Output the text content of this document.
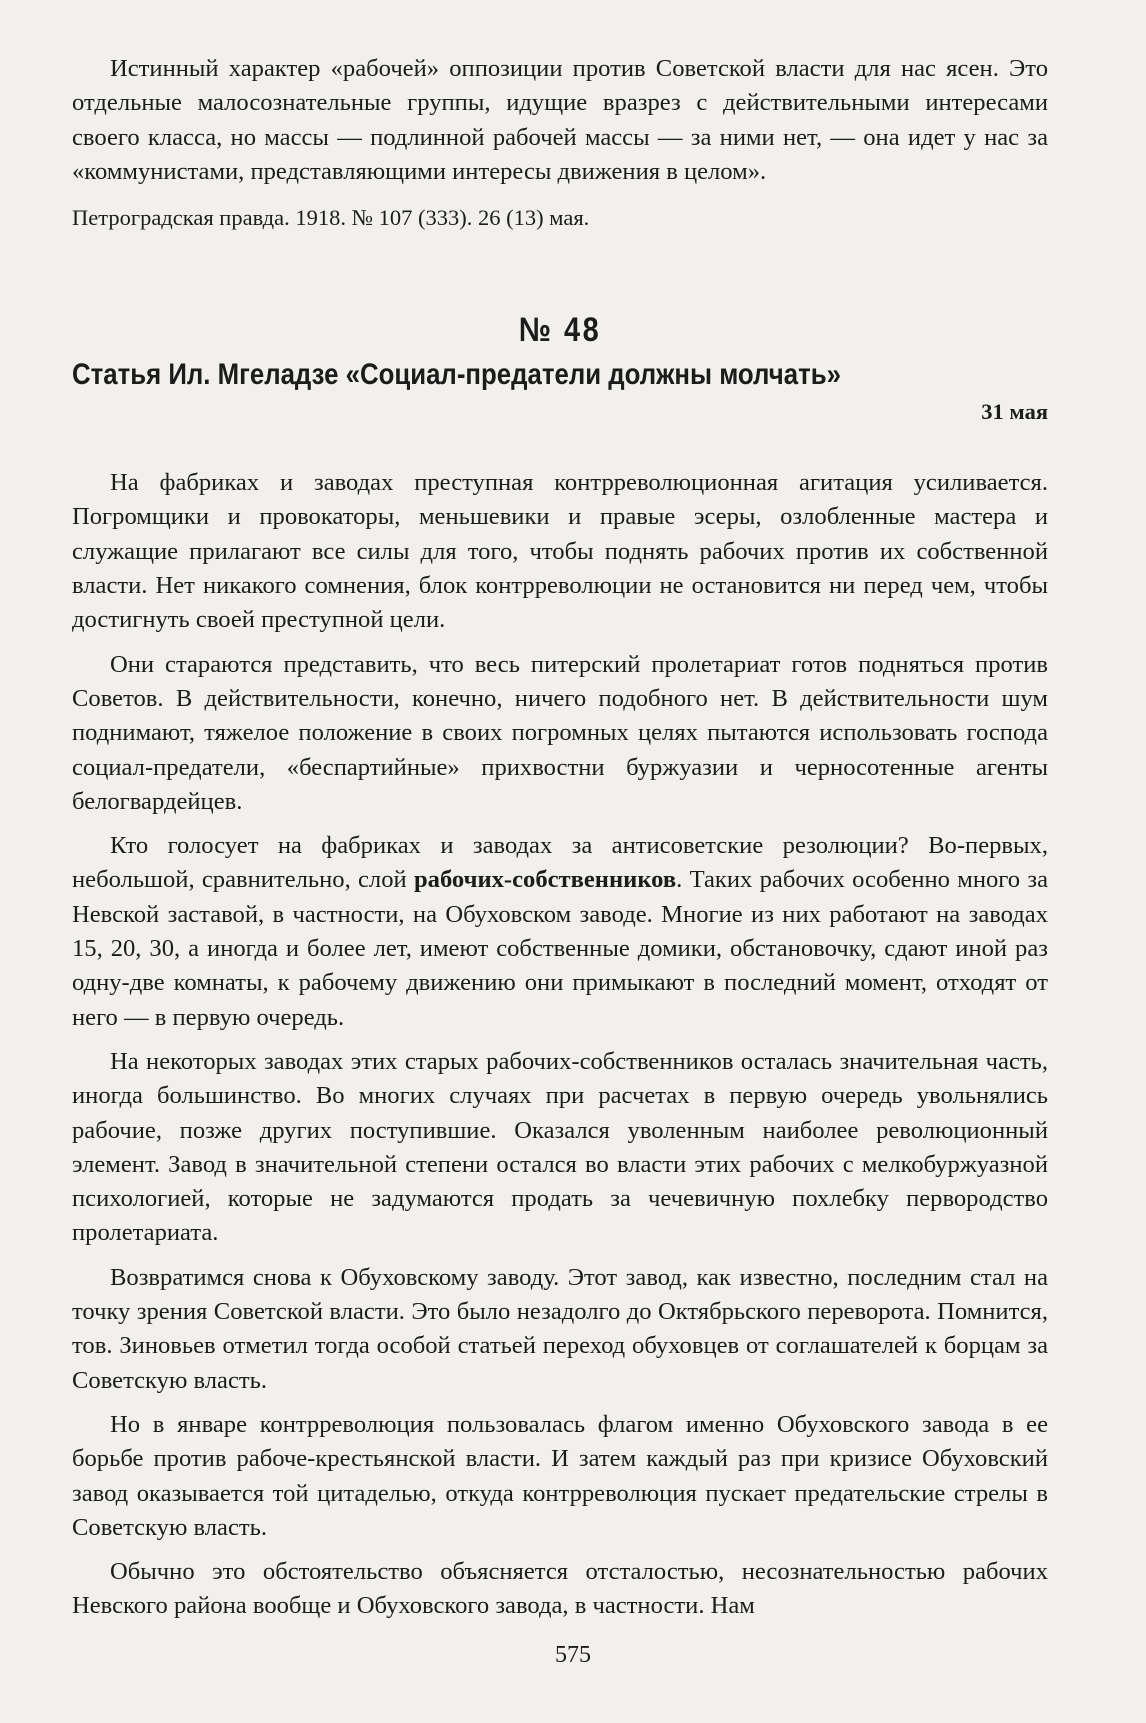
Истинный характер «рабочей» оппозиции против Советской власти для нас ясен. Это отдельные малосознательные группы, идущие вразрез с действительными интересами своего класса, но массы — подлинной рабочей массы — за ними нет, — она идет у нас за «коммунистами, представляющими интересы движения в целом».

Петроградская правда. 1918. № 107 (333). 26 (13) мая.

№ 48
Статья Ил. Мгеладзе «Социал-предатели должны молчать»

31 мая

На фабриках и заводах преступная контрреволюционная агитация усиливается. Погромщики и провокаторы, меньшевики и правые эсеры, озлобленные мастера и служащие прилагают все силы для того, чтобы поднять рабочих против их собственной власти. Нет никакого сомнения, блок контрреволюции не остановится ни перед чем, чтобы достигнуть своей преступной цели.

Они стараются представить, что весь питерский пролетариат готов подняться против Советов. В действительности, конечно, ничего подобного нет. В действительности шум поднимают, тяжелое положение в своих погромных целях пытаются использовать господа социал-предатели, «беспартийные» прихвостни буржуазии и черносотенные агенты белогвардейцев.

Кто голосует на фабриках и заводах за антисоветские резолюции? Во-первых, небольшой, сравнительно, слой рабочих-собственников. Таких рабочих особенно много за Невской заставой, в частности, на Обуховском заводе. Многие из них работают на заводах 15, 20, 30, а иногда и более лет, имеют собственные домики, обстановочку, сдают иной раз одну-две комнаты, к рабочему движению они примыкают в последний момент, отходят от него — в первую очередь.

На некоторых заводах этих старых рабочих-собственников осталась значительная часть, иногда большинство. Во многих случаях при расчетах в первую очередь увольнялись рабочие, позже других поступившие. Оказался уволенным наиболее революционный элемент. Завод в значительной степени остался во власти этих рабочих с мелкобуржуазной психологией, которые не задумаются продать за чечевичную похлебку первородство пролетариата.

Возвратимся снова к Обуховскому заводу. Этот завод, как известно, последним стал на точку зрения Советской власти. Это было незадолго до Октябрьского переворота. Помнится, тов. Зиновьев отметил тогда особой статьей переход обуховцев от соглашателей к борцам за Советскую власть.

Но в январе контрреволюция пользовалась флагом именно Обуховского завода в ее борьбе против рабоче-крестьянской власти. И затем каждый раз при кризисе Обуховский завод оказывается той цитаделью, откуда контрреволюция пускает предательские стрелы в Советскую власть.

Обычно это обстоятельство объясняется отсталостью, несознательностью рабочих Невского района вообще и Обуховского завода, в частности. Нам

575
